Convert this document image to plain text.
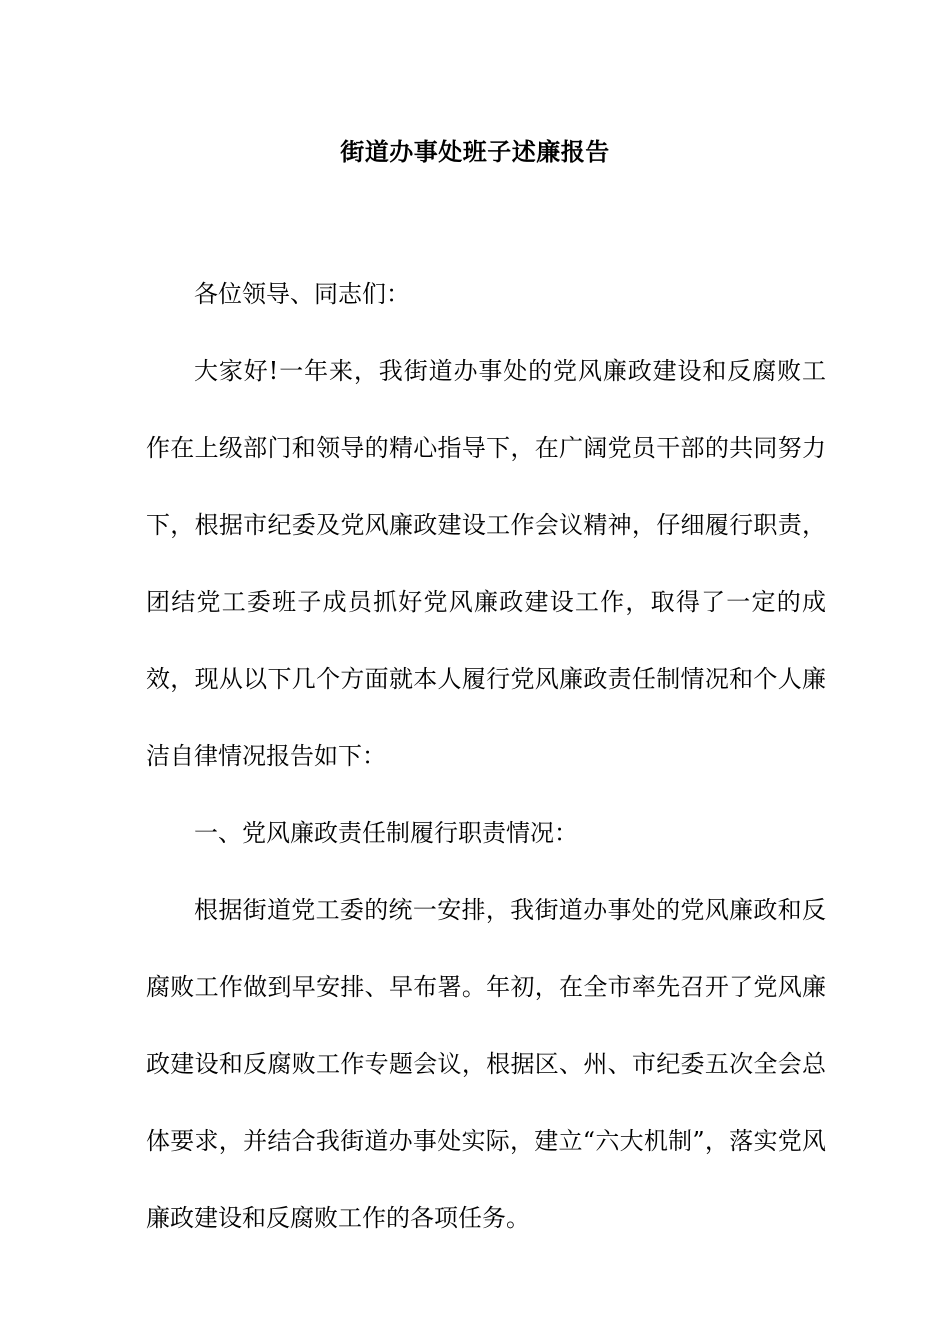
街道办事处班子述廉报告

各位领导、同志们：

大家好!一年来，我街道办事处的党风廉政建设和反腐败工作在上级部门和领导的精心指导下，在广阔党员干部的共同努力下，根据市纪委及党风廉政建设工作会议精神，仔细履行职责，团结党工委班子成员抓好党风廉政建设工作，取得了一定的成效，现从以下几个方面就本人履行党风廉政责任制情况和个人廉洁自律情况报告如下：

一、党风廉政责任制履行职责情况：

根据街道党工委的统一安排，我街道办事处的党风廉政和反腐败工作做到早安排、早布署。年初，在全市率先召开了党风廉政建设和反腐败工作专题会议，根据区、州、市纪委五次全会总体要求，并结合我街道办事处实际，建立“六大机制”，落实党风廉政建设和反腐败工作的各项任务。
